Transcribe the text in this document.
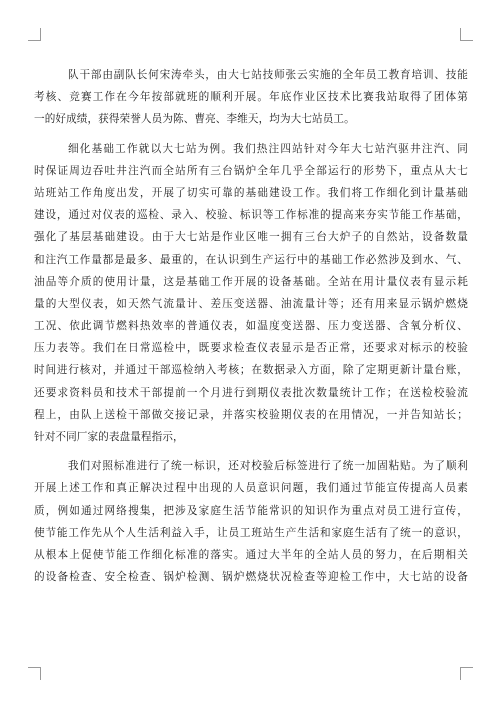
队干部由副队长何宋涛牵头，由大七站技师张云实施的全年员工教育培训、技能
考核、竞赛工作在今年按部就班的顺利开展。年底作业区技术比赛我站取得了团体第
一的好成绩，获得荣誉人员为陈、曹亮、李维天，均为大七站员工。
细化基础工作就以大七站为例。我们热注四站针对今年大七站汽驱井注汽、同
时保证周边吞吐井注汽而全站所有三台锅炉全年几乎全部运行的形势下，重点从大七
站班站工作角度出发，开展了切实可靠的基础建设工作。我们将工作细化到计量基础
建设，通过对仪表的巡检、录入、校验、标识等工作标准的提高来夯实节能工作基础，
强化了基层基础建设。由于大七站是作业区唯一拥有三台大炉子的自然站，设备数量
和注汽工作量都是最多、最重的，在认识到生产运行中的基础工作必然涉及到水、气、
油品等介质的使用计量，这是基础工作开展的设备基础。全站在用计量仪表有显示耗
量的大型仪表，如天然气流量计、差压变送器、油流量计等；还有用来显示锅炉燃烧
工况、依此调节燃料热效率的普通仪表，如温度变送器、压力变送器、含氧分析仪、
压力表等。我们在日常巡检中，既要求检查仪表显示是否正常，还要求对标示的校验
时间进行核对，并通过干部巡检纳入考核；在数据录入方面，除了定期更新计量台账，
还要求资料员和技术干部提前一个月进行到期仪表批次数量统计工作；在送检校验流
程上，由队上送检干部做交接记录，并落实校验期仪表的在用情况，一并告知站长；
针对不同厂家的表盘量程指示，
我们对照标准进行了统一标识，还对校验后标签进行了统一加固粘贴。为了顺利
开展上述工作和真正解决过程中出现的人员意识问题，我们通过节能宣传提高人员素
质，例如通过网络搜集，把涉及家庭生活节能常识的知识作为重点对员工进行宣传，
使节能工作先从个人生活利益入手，让员工班站生产生活和家庭生活有了统一的意识，
从根本上促使节能工作细化标准的落实。通过大半年的全站人员的努力，在后期相关
的设备检查、安全检查、锅炉检测、锅炉燃烧状况检查等迎检工作中，大七站的设备
